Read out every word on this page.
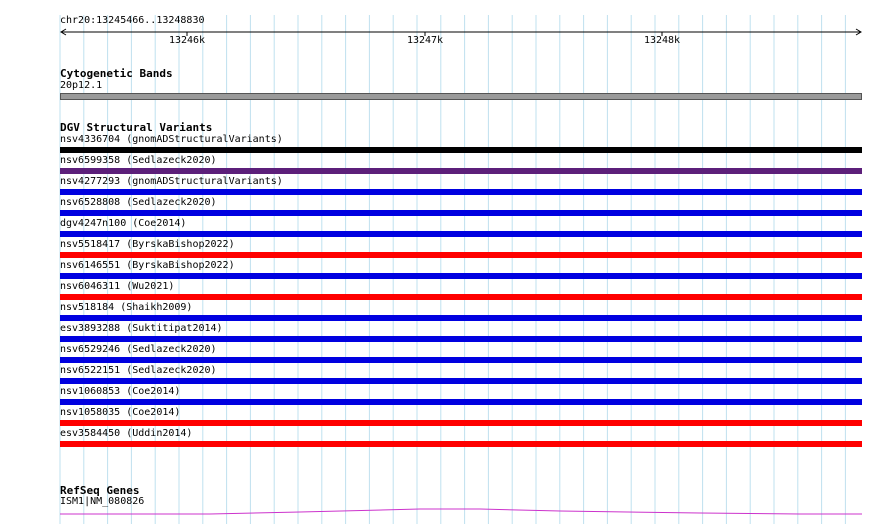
chr20:13245466..13248830
13246k	13247k	13248k
Cytogenetic Bands
20p12.1
DGV Structural Variants
nsv4336704 (gnomADStructuralVariants)
nsv6599358 (Sedlazeck2020)
nsv4277293 (gnomADStructuralVariants)
nsv6528808 (Sedlazeck2020)
dgv4247n100 (Coe2014)
nsv5518417 (ByrskaBishop2022)
nsv6146551 (ByrskaBishop2022)
nsv6046311 (Wu2021)
nsv518184 (Shaikh2009)
esv3893288 (Suktitipat2014)
nsv6529246 (Sedlazeck2020)
nsv6522151 (Sedlazeck2020)
nsv1060853 (Coe2014)
nsv1058035 (Coe2014)
esv3584450 (Uddin2014)
RefSeq Genes
ISM1|NM_080826
